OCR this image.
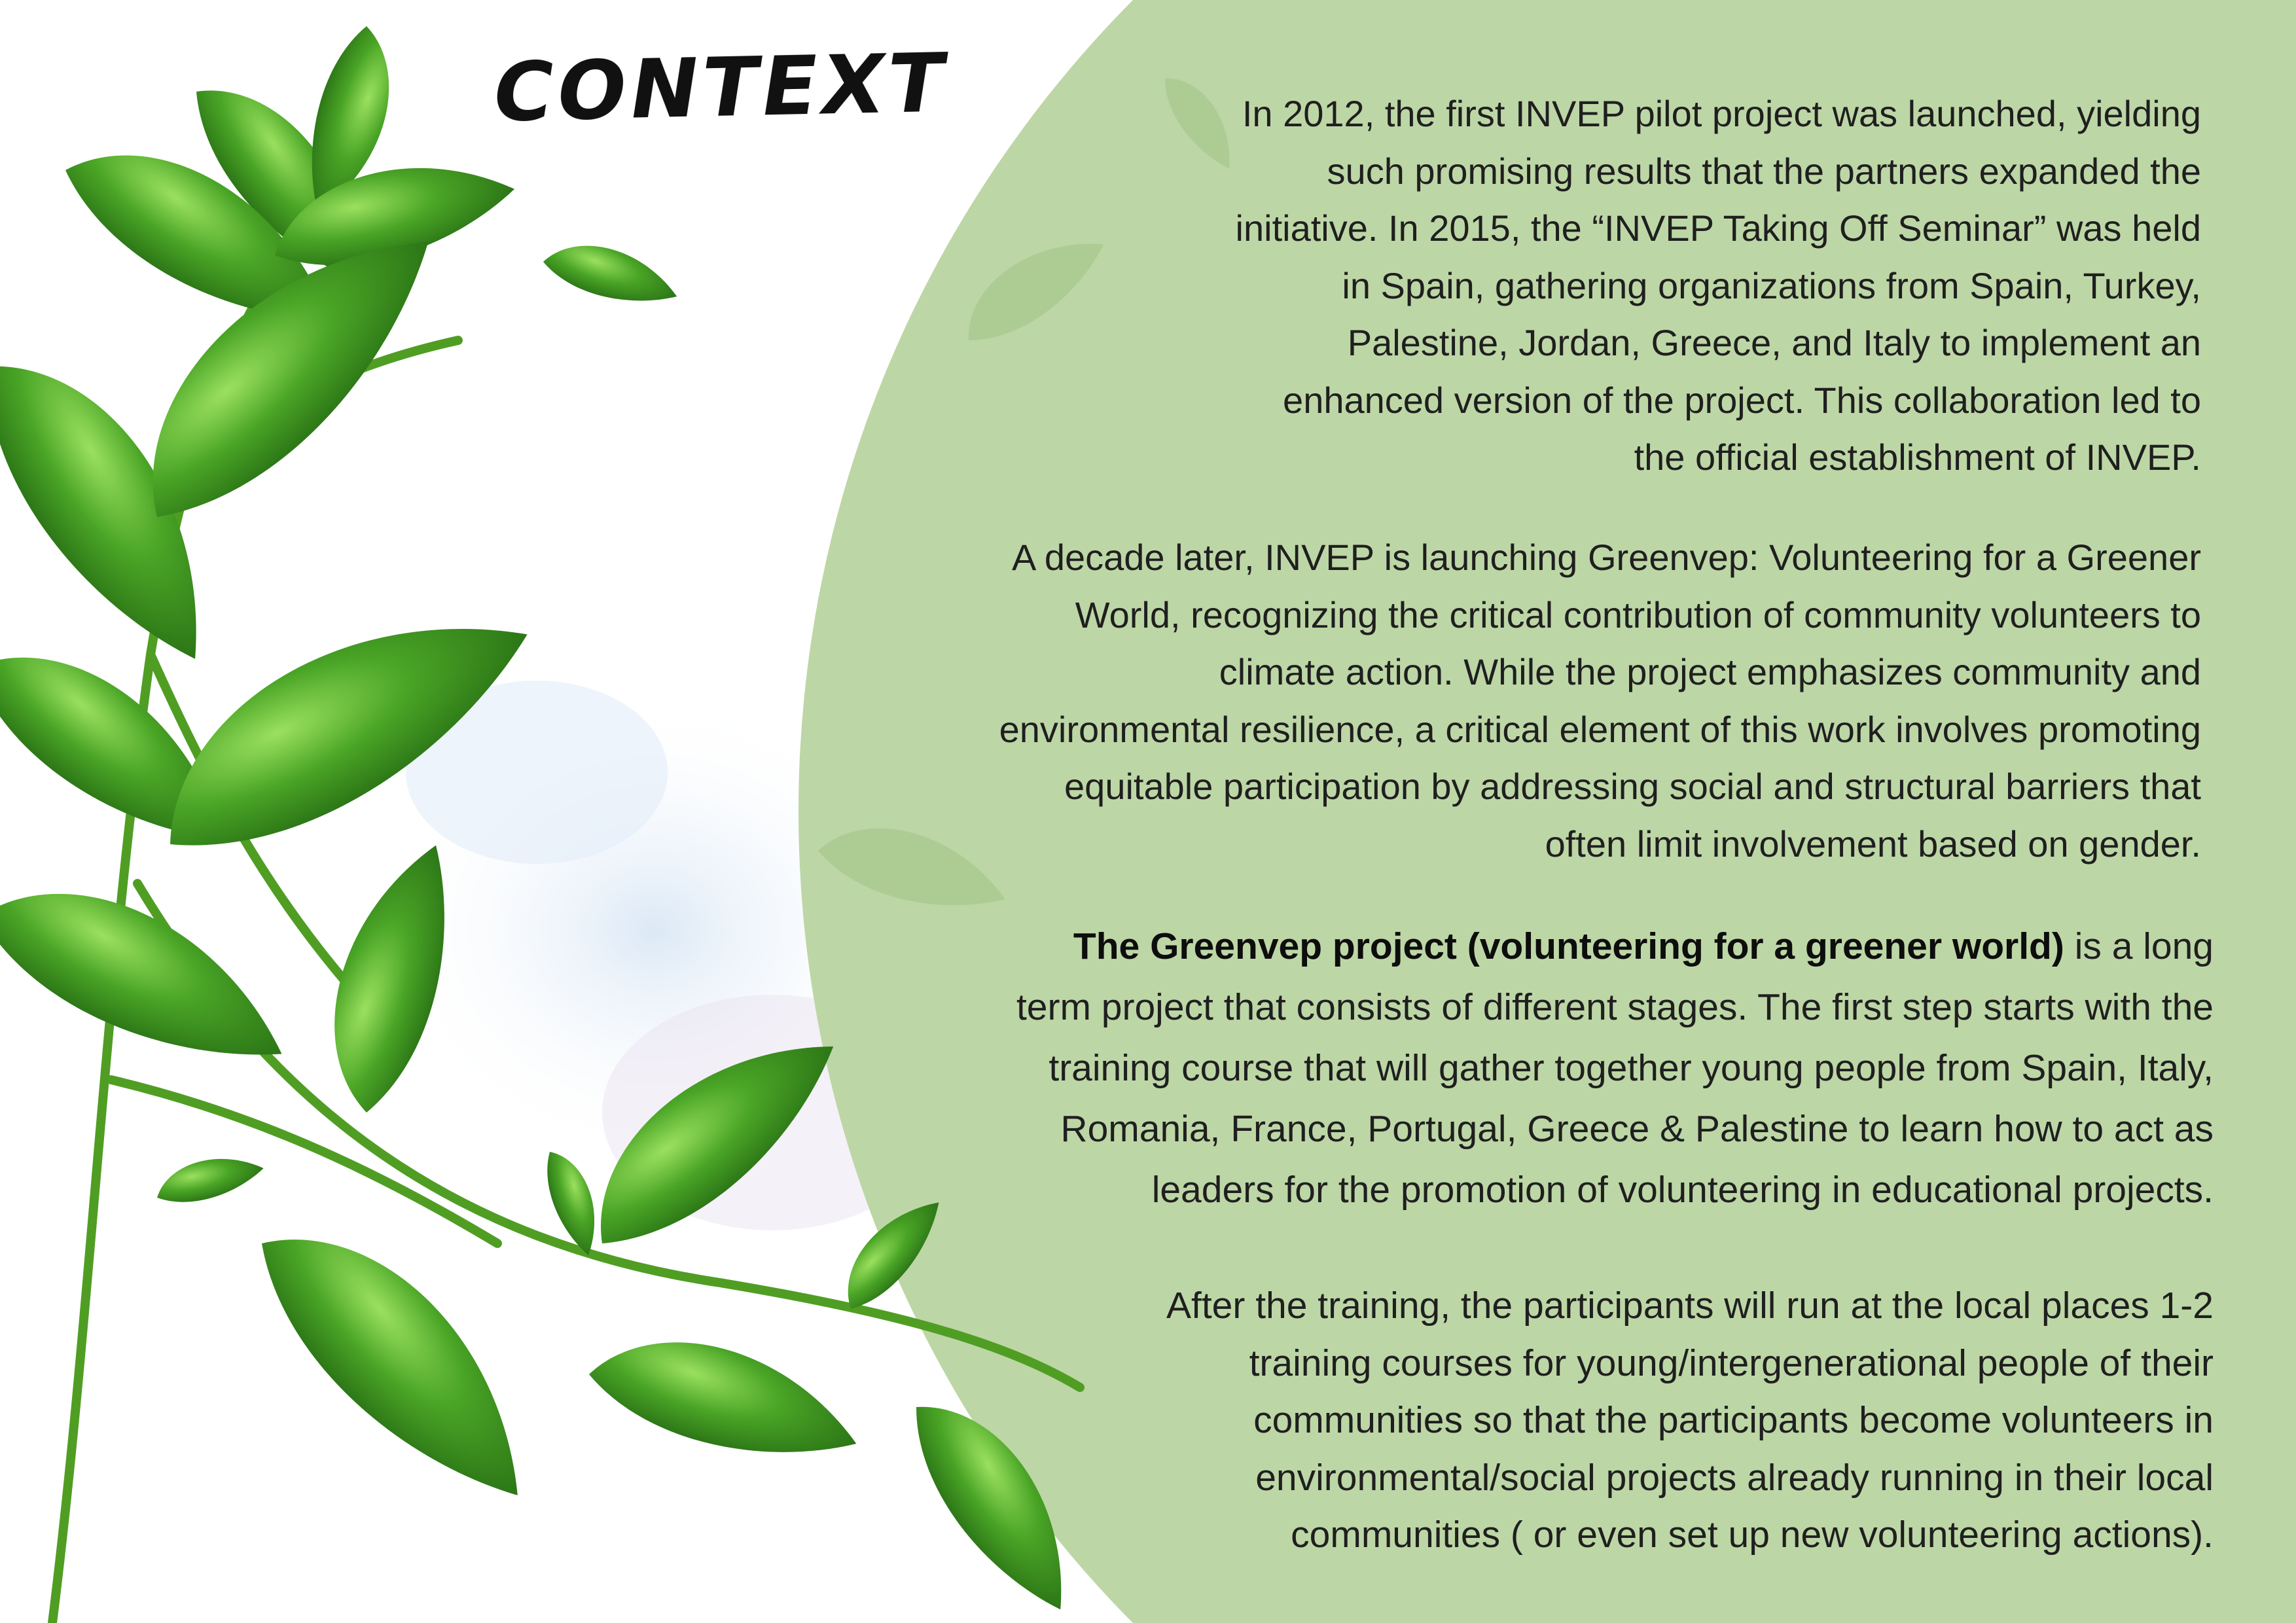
CONTEXT	In 2012, the first INVEP pilot project was launched, yielding

such promising results that the partners expanded the

initiative. In 2015, the “INVEP Taking Off Seminar” was held

in Spain, gathering organizations from Spain, Turkey,

Palestine, Jordan, Greece, and Italy to implement an

enhanced version of the project. This collaboration led to

the official establishment of INVEP.

A decade later, INVEP is launching Greenvep: Volunteering for a Greener

World, recognizing the critical contribution of community volunteers to

climate action. While the project emphasizes community and

environmental resilience, a critical element of this work involves promoting

equitable participation by addressing social and structural barriers that

often limit involvement based on gender.

The Greenvep project (volunteering for a greener world) is a long

term project that consists of different stages. The first step starts with the

training course that will gather together young people from Spain, Italy,

Romania, France, Portugal, Greece & Palestine to learn how to act as

leaders for the promotion of volunteering in educational projects.

After the training, the participants will run at the local places 1-2

training courses for young/intergenerational people of their

communities so that the participants become volunteers in

environmental/social projects already running in their local

communities ( or even set up new volunteering actions).
